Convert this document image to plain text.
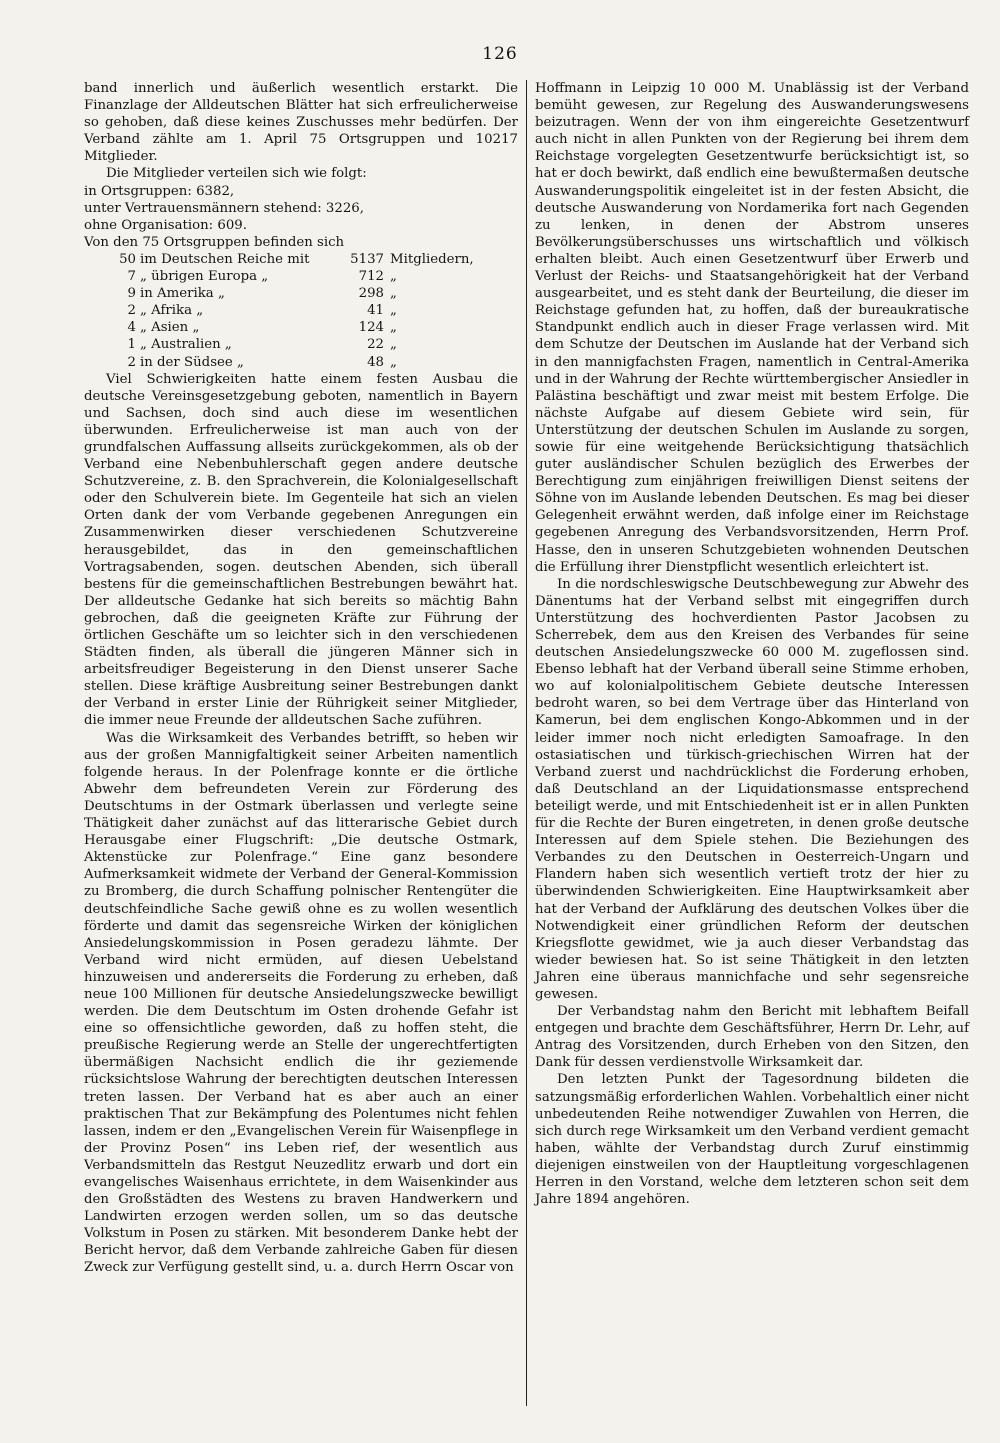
126

band innerlich und äußerlich wesentlich erstarkt. Die Finanzlage der Alldeutschen Blätter hat sich erfreulicherweise so gehoben, daß diese keines Zuschusses mehr bedürfen. Der Verband zählte am 1. April 75 Ortsgruppen und 10217 Mitglieder.

Die Mitglieder verteilen sich wie folgt:

in Ortsgruppen: 6382,

unter Vertrauensmännern stehend: 3226,

ohne Organisation: 609.

Von den 75 Ortsgruppen befinden sich

50 im Deutschen Reiche mit	5137 Mitgliedern,
7 „ übrigen Europa „	712 „
9 in Amerika „	298 „
2 „ Afrika „	41 „
4 „ Asien „	124 „
1 „ Australien „	22 „
2 in der Südsee „	48 „

Viel Schwierigkeiten hatte einem festen Ausbau die deutsche Vereinsgesetzgebung geboten, namentlich in Bayern und Sachsen, doch sind auch diese im wesentlichen überwunden. Erfreulicherweise ist man auch von der grundfalschen Auffassung allseits zurückgekommen, als ob der Verband eine Nebenbuhlerschaft gegen andere deutsche Schutzvereine, z. B. den Sprachverein, die Kolonialgesellschaft oder den Schulverein biete. Im Gegenteile hat sich an vielen Orten dank der vom Verbande gegebenen Anregungen ein Zusammenwirken dieser verschiedenen Schutzvereine herausgebildet, das in den gemeinschaftlichen Vortragsabenden, sogen. deutschen Abenden, sich überall bestens für die gemeinschaftlichen Bestrebungen bewährt hat. Der alldeutsche Gedanke hat sich bereits so mächtig Bahn gebrochen, daß die geeigneten Kräfte zur Führung der örtlichen Geschäfte um so leichter sich in den verschiedenen Städten finden, als überall die jüngeren Männer sich in arbeitsfreudiger Begeisterung in den Dienst unserer Sache stellen. Diese kräftige Ausbreitung seiner Bestrebungen dankt der Verband in erster Linie der Rührigkeit seiner Mitglieder, die immer neue Freunde der alldeutschen Sache zuführen.

Was die Wirksamkeit des Verbandes betrifft, so heben wir aus der großen Mannigfaltigkeit seiner Arbeiten namentlich folgende heraus. In der Polenfrage konnte er die örtliche Abwehr dem befreundeten Verein zur Förderung des Deutschtums in der Ostmark überlassen und verlegte seine Thätigkeit daher zunächst auf das litterarische Gebiet durch Herausgabe einer Flugschrift: „Die deutsche Ostmark, Aktenstücke zur Polenfrage.“ Eine ganz besondere Aufmerksamkeit widmete der Verband der General-Kommission zu Bromberg, die durch Schaffung polnischer Rentengüter die deutschfeindliche Sache gewiß ohne es zu wollen wesentlich förderte und damit das segensreiche Wirken der königlichen Ansiedelungskommission in Posen geradezu lähmte. Der Verband wird nicht ermüden, auf diesen Uebelstand hinzuweisen und andererseits die Forderung zu erheben, daß neue 100 Millionen für deutsche Ansiedelungszwecke bewilligt werden. Die dem Deutschtum im Osten drohende Gefahr ist eine so offensichtliche geworden, daß zu hoffen steht, die preußische Regierung werde an Stelle der ungerechtfertigten übermäßigen Nachsicht endlich die ihr geziemende rücksichtslose Wahrung der berechtigten deutschen Interessen treten lassen. Der Verband hat es aber auch an einer praktischen That zur Bekämpfung des Polentumes nicht fehlen lassen, indem er den „Evangelischen Verein für Waisenpflege in der Provinz Posen“ ins Leben rief, der wesentlich aus Verbandsmitteln das Restgut Neuzedlitz erwarb und dort ein evangelisches Waisenhaus errichtete, in dem Waisenkinder aus den Großstädten des Westens zu braven Handwerkern und Landwirten erzogen werden sollen, um so das deutsche Volkstum in Posen zu stärken. Mit besonderem Danke hebt der Bericht hervor, daß dem Verbande zahlreiche Gaben für diesen Zweck zur Verfügung gestellt sind, u. a. durch Herrn Oscar von

Hoffmann in Leipzig 10 000 M. Unablässig ist der Verband bemüht gewesen, zur Regelung des Auswanderungswesens beizutragen. Wenn der von ihm eingereichte Gesetzentwurf auch nicht in allen Punkten von der Regierung bei ihrem dem Reichstage vorgelegten Gesetzentwurfe berücksichtigt ist, so hat er doch bewirkt, daß endlich eine bewußtermaßen deutsche Auswanderungspolitik eingeleitet ist in der festen Absicht, die deutsche Auswanderung von Nordamerika fort nach Gegenden zu lenken, in denen der Abstrom unseres Bevölkerungsüberschusses uns wirtschaftlich und völkisch erhalten bleibt. Auch einen Gesetzentwurf über Erwerb und Verlust der Reichs- und Staatsangehörigkeit hat der Verband ausgearbeitet, und es steht dank der Beurteilung, die dieser im Reichstage gefunden hat, zu hoffen, daß der bureaukratische Standpunkt endlich auch in dieser Frage verlassen wird. Mit dem Schutze der Deutschen im Auslande hat der Verband sich in den mannigfachsten Fragen, namentlich in Central-Amerika und in der Wahrung der Rechte württembergischer Ansiedler in Palästina beschäftigt und zwar meist mit bestem Erfolge. Die nächste Aufgabe auf diesem Gebiete wird sein, für Unterstützung der deutschen Schulen im Auslande zu sorgen, sowie für eine weitgehende Berücksichtigung thatsächlich guter ausländischer Schulen bezüglich des Erwerbes der Berechtigung zum einjährigen freiwilligen Dienst seitens der Söhne von im Auslande lebenden Deutschen. Es mag bei dieser Gelegenheit erwähnt werden, daß infolge einer im Reichstage gegebenen Anregung des Verbandsvorsitzenden, Herrn Prof. Hasse, den in unseren Schutzgebieten wohnenden Deutschen die Erfüllung ihrer Dienstpflicht wesentlich erleichtert ist.

In die nordschleswigsche Deutschbewegung zur Abwehr des Dänentums hat der Verband selbst mit eingegriffen durch Unterstützung des hochverdienten Pastor Jacobsen zu Scherrebek, dem aus den Kreisen des Verbandes für seine deutschen Ansiedelungszwecke 60 000 M. zugeflossen sind. Ebenso lebhaft hat der Verband überall seine Stimme erhoben, wo auf kolonialpolitischem Gebiete deutsche Interessen bedroht waren, so bei dem Vertrage über das Hinterland von Kamerun, bei dem englischen Kongo-Abkommen und in der leider immer noch nicht erledigten Samoafrage. In den ostasiatischen und türkisch-griechischen Wirren hat der Verband zuerst und nachdrücklichst die Forderung erhoben, daß Deutschland an der Liquidationsmasse entsprechend beteiligt werde, und mit Entschiedenheit ist er in allen Punkten für die Rechte der Buren eingetreten, in denen große deutsche Interessen auf dem Spiele stehen. Die Beziehungen des Verbandes zu den Deutschen in Oesterreich-Ungarn und Flandern haben sich wesentlich vertieft trotz der hier zu überwindenden Schwierigkeiten. Eine Hauptwirksamkeit aber hat der Verband der Aufklärung des deutschen Volkes über die Notwendigkeit einer gründlichen Reform der deutschen Kriegsflotte gewidmet, wie ja auch dieser Verbandstag das wieder bewiesen hat. So ist seine Thätigkeit in den letzten Jahren eine überaus mannichfache und sehr segensreiche gewesen.

Der Verbandstag nahm den Bericht mit lebhaftem Beifall entgegen und brachte dem Geschäftsführer, Herrn Dr. Lehr, auf Antrag des Vorsitzenden, durch Erheben von den Sitzen, den Dank für dessen verdienstvolle Wirksamkeit dar.

Den letzten Punkt der Tagesordnung bildeten die satzungsmäßig erforderlichen Wahlen. Vorbehaltlich einer nicht unbedeutenden Reihe notwendiger Zuwahlen von Herren, die sich durch rege Wirksamkeit um den Verband verdient gemacht haben, wählte der Verbandstag durch Zuruf einstimmig diejenigen einstweilen von der Hauptleitung vorgeschlagenen Herren in den Vorstand, welche dem letzteren schon seit dem Jahre 1894 angehören.
